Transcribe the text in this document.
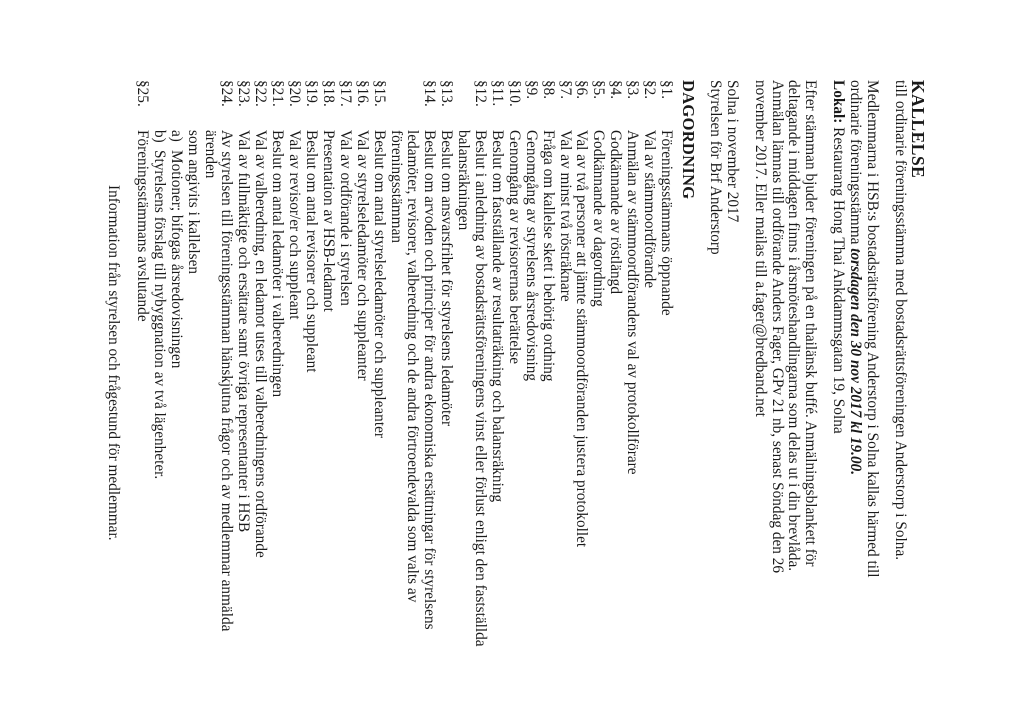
KALLELSE
till ordinarie föreningsstämma med bostadsrättsföreningen Anderstorp i Solna.
Medlemmarna i HSB:s bostadsrättsförening Anderstorp i Solna kallas härmed till
ordinarie föreningsstämma torsdagen den 30 nov 2017 kl 19.00.
Lokal: Restaurang Hong Thai Ankdammsgatan 19, Solna
Efter stämman bjuder föreningen på en thailänsk buffé. Anmälningsblankett för
deltagande i middagen finns i årsmöteshandlingarna som delas ut i din brevlåda.
Anmälan lämnas till ordförande Anders Fager, GPv 21 nb, senast Söndag den 26
november 2017. Eller mailas till a.fager@bredband.net
Solna i november 2017
Styrelsen för Brf Anderstorp
DAGORDNING
§1.
Föreningsstämmans öppnande
§2.
Val av stämmoordförande
§3.
Anmälan av stämmoordförandens val av protokollförare
§4.
Godkännande av röstlängd
§5.
Godkännande av dagordning
§6.
Val av två personer att jämte stämmoordföranden justera protokollet
§7.
Val av minst två rösträknare
§8.
Fråga om kallelse skett i behörig ordning
§9.
Genomgång av styrelsens årsredovisning
§10.
Genomgång av revisorernas berättelse
§11.
Beslut om fastställande av resultaträkning och balansräkning
§12.
Beslut i anledning av bostadsrättsföreningens vinst eller förlust enligt den fastställda
balansräkningen
§13.
Beslut om ansvarsfrihet för styrelsens ledamöter
§14.
Beslut om arvoden och principer för andra ekonomiska ersättningar för styrelsens
ledamöter, revisorer, valberedning och de andra förtroendevalda som valts av
föreningsstämman
§15.
Beslut om antal styrelseledamöter och suppleanter
§16.
Val av styrelseledamöter och suppleanter
§17.
Val av ordförande i styrelsen
§18.
Presentation av HSB-ledamot
§19.
Beslut om antal revisorer och suppleant
§20.
Val av revisor/er och suppleant
§21.
Beslut om antal ledamöter i valberedningen
§22.
Val av valberedning, en ledamot utses till valberedningens ordförande
§23.
Val av fullmäktige och ersättare samt övriga representanter i HSB
§24.
Av styrelsen till föreningsstämman hänskjutna frågor och av medlemmar anmälda ärenden
som angivits i kallelsen
a)
Motioner; bifogas årsredovisningen
b)
Styrelsens förslag till nybyggnation av två lägenheter.
§25.
Föreningsstämmans avslutande
Information från styrelsen och frågestund för medlemmar.
